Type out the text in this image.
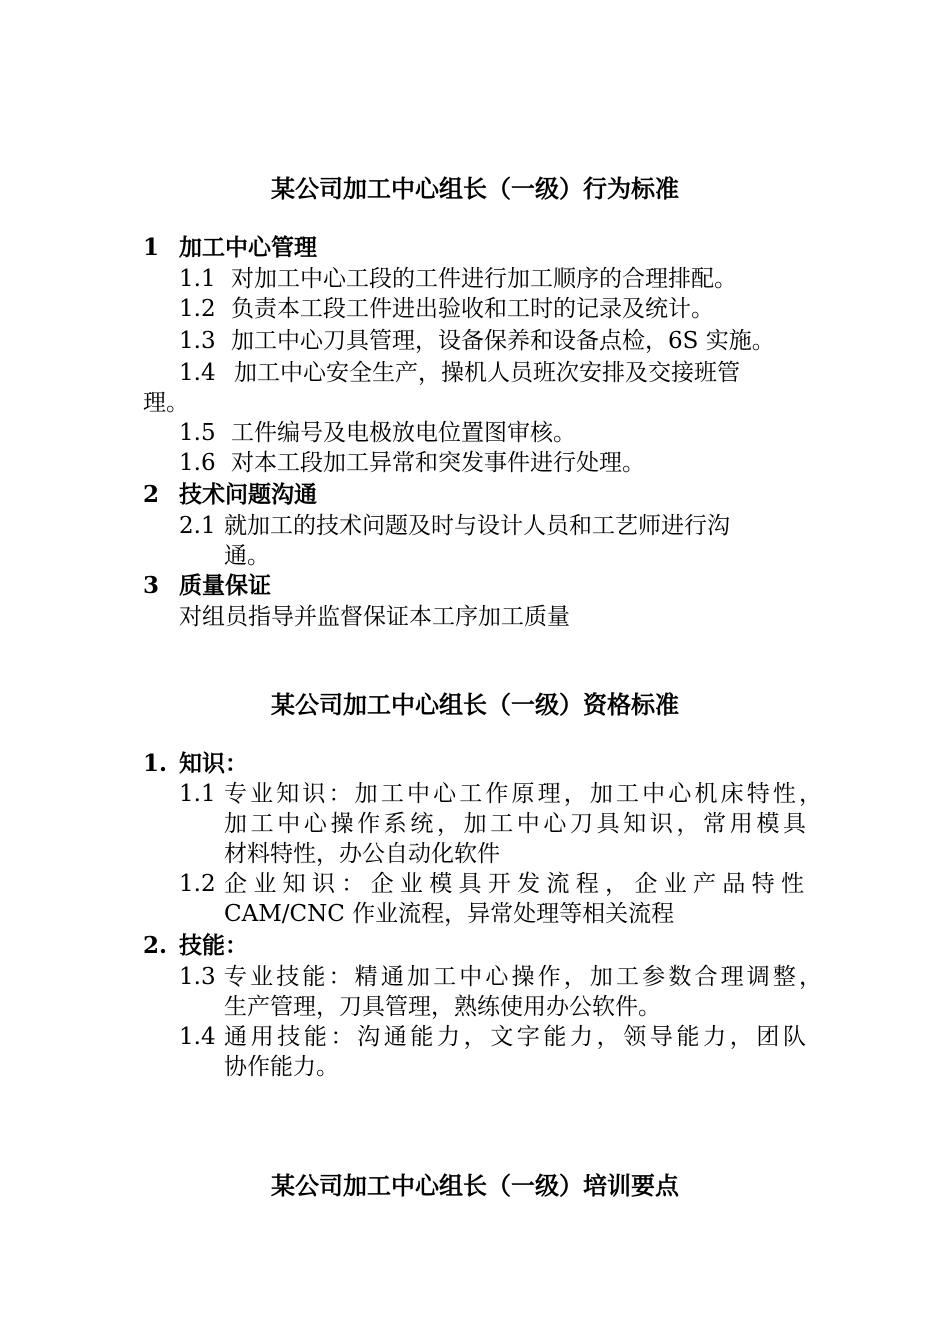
某公司加工中心组长（一级）行为标准
1 加工中心管理
1.1 对加工中心工段的工件进行加工顺序的合理排配。
1.2 负责本工段工件进出验收和工时的记录及统计。
1.3 加工中心刀具管理，设备保养和设备点检，6S 实施。
1.4 加工中心安全生产，操机人员班次安排及交接班管
理。
1.5 工件编号及电极放电位置图审核。
1.6 对本工段加工异常和突发事件进行处理。
2 技术问题沟通
2.1 就加工的技术问题及时与设计人员和工艺师进行沟
通。
3 质量保证
对组员指导并监督保证本工序加工质量
某公司加工中心组长（一级）资格标准
1. 知识：
1.1 专业知识：加工中心工作原理，加工中心机床特性，
加工中心操作系统，加工中心刀具知识，常用模具
材料特性，办公自动化软件
1.2 企业知识：企业模具开发流程，企业产品特性
CAM/CNC 作业流程，异常处理等相关流程
2. 技能：
1.3 专业技能：精通加工中心操作，加工参数合理调整，
生产管理，刀具管理，熟练使用办公软件。
1.4 通用技能：沟通能力，文字能力，领导能力，团队
协作能力。
某公司加工中心组长（一级）培训要点
